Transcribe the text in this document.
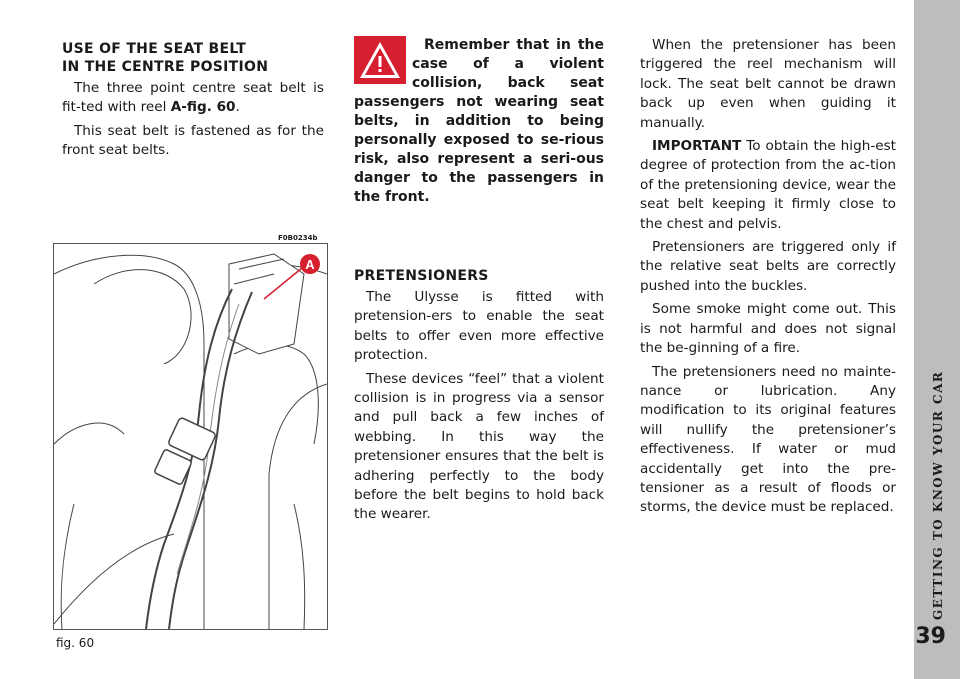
USE OF THE SEAT BELT
IN THE CENTRE POSITION

The three point centre seat belt is fit-ted with reel A-fig. 60.

This seat belt is fastened as for the front seat belts.

F0B0234b
A
fig. 60

Remember that in the case of a violent collision, back seat passengers not wearing seat belts, in addition to being personally exposed to se-rious risk, also represent a seri-ous danger to the passengers in the front.

PRETENSIONERS

The Ulysse is fitted with pretension-ers to enable the seat belts to offer even more effective protection.

These devices “feel” that a violent collision is in progress via a sensor and pull back a few inches of webbing. In this way the pretensioner ensures that the belt is adhering perfectly to the body before the belt begins to hold back the wearer.

When the pretensioner has been triggered the reel mechanism will lock. The seat belt cannot be drawn back up even when guiding it manually.

IMPORTANT To obtain the high-est degree of protection from the ac-tion of the pretensioning device, wear the seat belt keeping it firmly close to the chest and pelvis.

Pretensioners are triggered only if the relative seat belts are correctly pushed into the buckles.

Some smoke might come out. This is not harmful and does not signal the be-ginning of a fire.

The pretensioners need no mainte-nance or lubrication. Any modification to its original features will nullify the pretensioner’s effectiveness. If water or mud accidentally get into the pre-tensioner as a result of floods or storms, the device must be replaced.	GETTING TO KNOW YOUR CAR
39
